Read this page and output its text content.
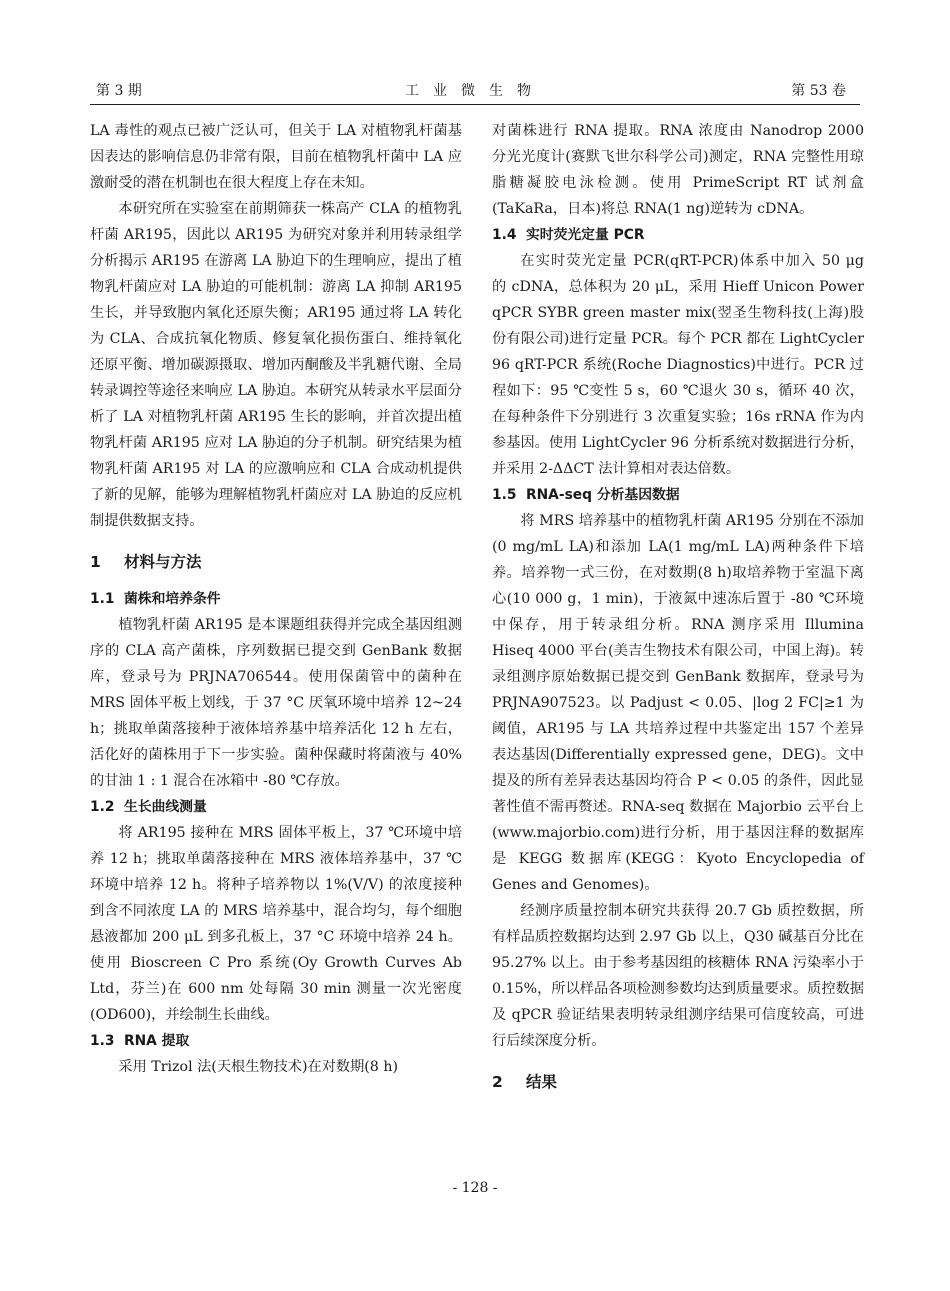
第 3 期	工业微生物	第 53 卷

LA 毒性的观点已被广泛认可，但关于 LA 对植物乳杆菌基因表达的影响信息仍非常有限，目前在植物乳杆菌中 LA 应激耐受的潜在机制也在很大程度上存在未知。

本研究所在实验室在前期筛获一株高产 CLA 的植物乳杆菌 AR195，因此以 AR195 为研究对象并利用转录组学分析揭示 AR195 在游离 LA 胁迫下的生理响应，提出了植物乳杆菌应对 LA 胁迫的可能机制：游离 LA 抑制 AR195 生长，并导致胞内氧化还原失衡；AR195 通过将 LA 转化为 CLA、合成抗氧化物质、修复氧化损伤蛋白、维持氧化还原平衡、增加碳源摄取、增加丙酮酸及半乳糖代谢、全局转录调控等途径来响应 LA 胁迫。本研究从转录水平层面分析了 LA 对植物乳杆菌 AR195 生长的影响，并首次提出植物乳杆菌 AR195 应对 LA 胁迫的分子机制。研究结果为植物乳杆菌 AR195 对 LA 的应激响应和 CLA 合成动机提供了新的见解，能够为理解植物乳杆菌应对 LA 胁迫的反应机制提供数据支持。

1 材料与方法
1.1 菌株和培养条件

植物乳杆菌 AR195 是本课题组获得并完成全基因组测序的 CLA 高产菌株，序列数据已提交到 GenBank 数据库，登录号为 PRJNA706544。使用保菌管中的菌种在 MRS 固体平板上划线，于 37 °C 厌氧环境中培养 12~24 h；挑取单菌落接种于液体培养基中培养活化 12 h 左右，活化好的菌株用于下一步实验。菌种保藏时将菌液与 40% 的甘油 1 : 1 混合在冰箱中 -80 ℃存放。

1.2 生长曲线测量

将 AR195 接种在 MRS 固体平板上，37 ℃环境中培养 12 h；挑取单菌落接种在 MRS 液体培养基中，37 ℃环境中培养 12 h。将种子培养物以 1%(V/V) 的浓度接种到含不同浓度 LA 的 MRS 培养基中，混合均匀，每个细胞悬液都加 200 μL 到多孔板上，37 °C 环境中培养 24 h。使用 Bioscreen C Pro 系统(Oy Growth Curves Ab Ltd，芬兰)在 600 nm 处每隔 30 min 测量一次光密度(OD600)，并绘制生长曲线。

1.3 RNA 提取

采用 Trizol 法(天根生物技术)在对数期(8 h)

对菌株进行 RNA 提取。RNA 浓度由 Nanodrop 2000 分光光度计(赛默飞世尔科学公司)测定，RNA 完整性用琼脂糖凝胶电泳检测。使用 PrimeScript RT 试剂盒(TaKaRa，日本)将总 RNA(1 ng)逆转为 cDNA。

1.4 实时荧光定量 PCR

在实时荧光定量 PCR(qRT-PCR)体系中加入 50 μg 的 cDNA，总体积为 20 μL，采用 Hieff Unicon Power qPCR SYBR green master mix(翌圣生物科技(上海)股份有限公司)进行定量 PCR。每个 PCR 都在 LightCycler 96 qRT-PCR 系统(Roche Diagnostics)中进行。PCR 过程如下：95 ℃变性 5 s，60 ℃退火 30 s，循环 40 次，在每种条件下分别进行 3 次重复实验；16s rRNA 作为内参基因。使用 LightCycler 96 分析系统对数据进行分析，并采用 2-ΔΔCT 法计算相对表达倍数。

1.5 RNA-seq 分析基因数据

将 MRS 培养基中的植物乳杆菌 AR195 分别在不添加(0 mg/mL LA)和添加 LA(1 mg/mL LA)两种条件下培养。培养物一式三份，在对数期(8 h)取培养物于室温下离心(10 000 g，1 min)，于液氮中速冻后置于 -80 ℃环境中保存，用于转录组分析。RNA 测序采用 Illumina Hiseq 4000 平台(美吉生物技术有限公司，中国上海)。转录组测序原始数据已提交到 GenBank 数据库，登录号为 PRJNA907523。以 Padjust < 0.05、|log 2 FC|≥1 为阈值，AR195 与 LA 共培养过程中共鉴定出 157 个差异表达基因(Differentially expressed gene，DEG)。文中提及的所有差异表达基因均符合 P < 0.05 的条件，因此显著性值不需再赘述。RNA-seq 数据在 Majorbio 云平台上(www.majorbio.com)进行分析，用于基因注释的数据库是 KEGG 数据库(KEGG：Kyoto Encyclopedia of Genes and Genomes)。

经测序质量控制本研究共获得 20.7 Gb 质控数据，所有样品质控数据均达到 2.97 Gb 以上，Q30 碱基百分比在 95.27% 以上。由于参考基因组的核糖体 RNA 污染率小于 0.15%，所以样品各项检测参数均达到质量要求。质控数据及 qPCR 验证结果表明转录组测序结果可信度较高，可进行后续深度分析。

2 结果
- 128 -
